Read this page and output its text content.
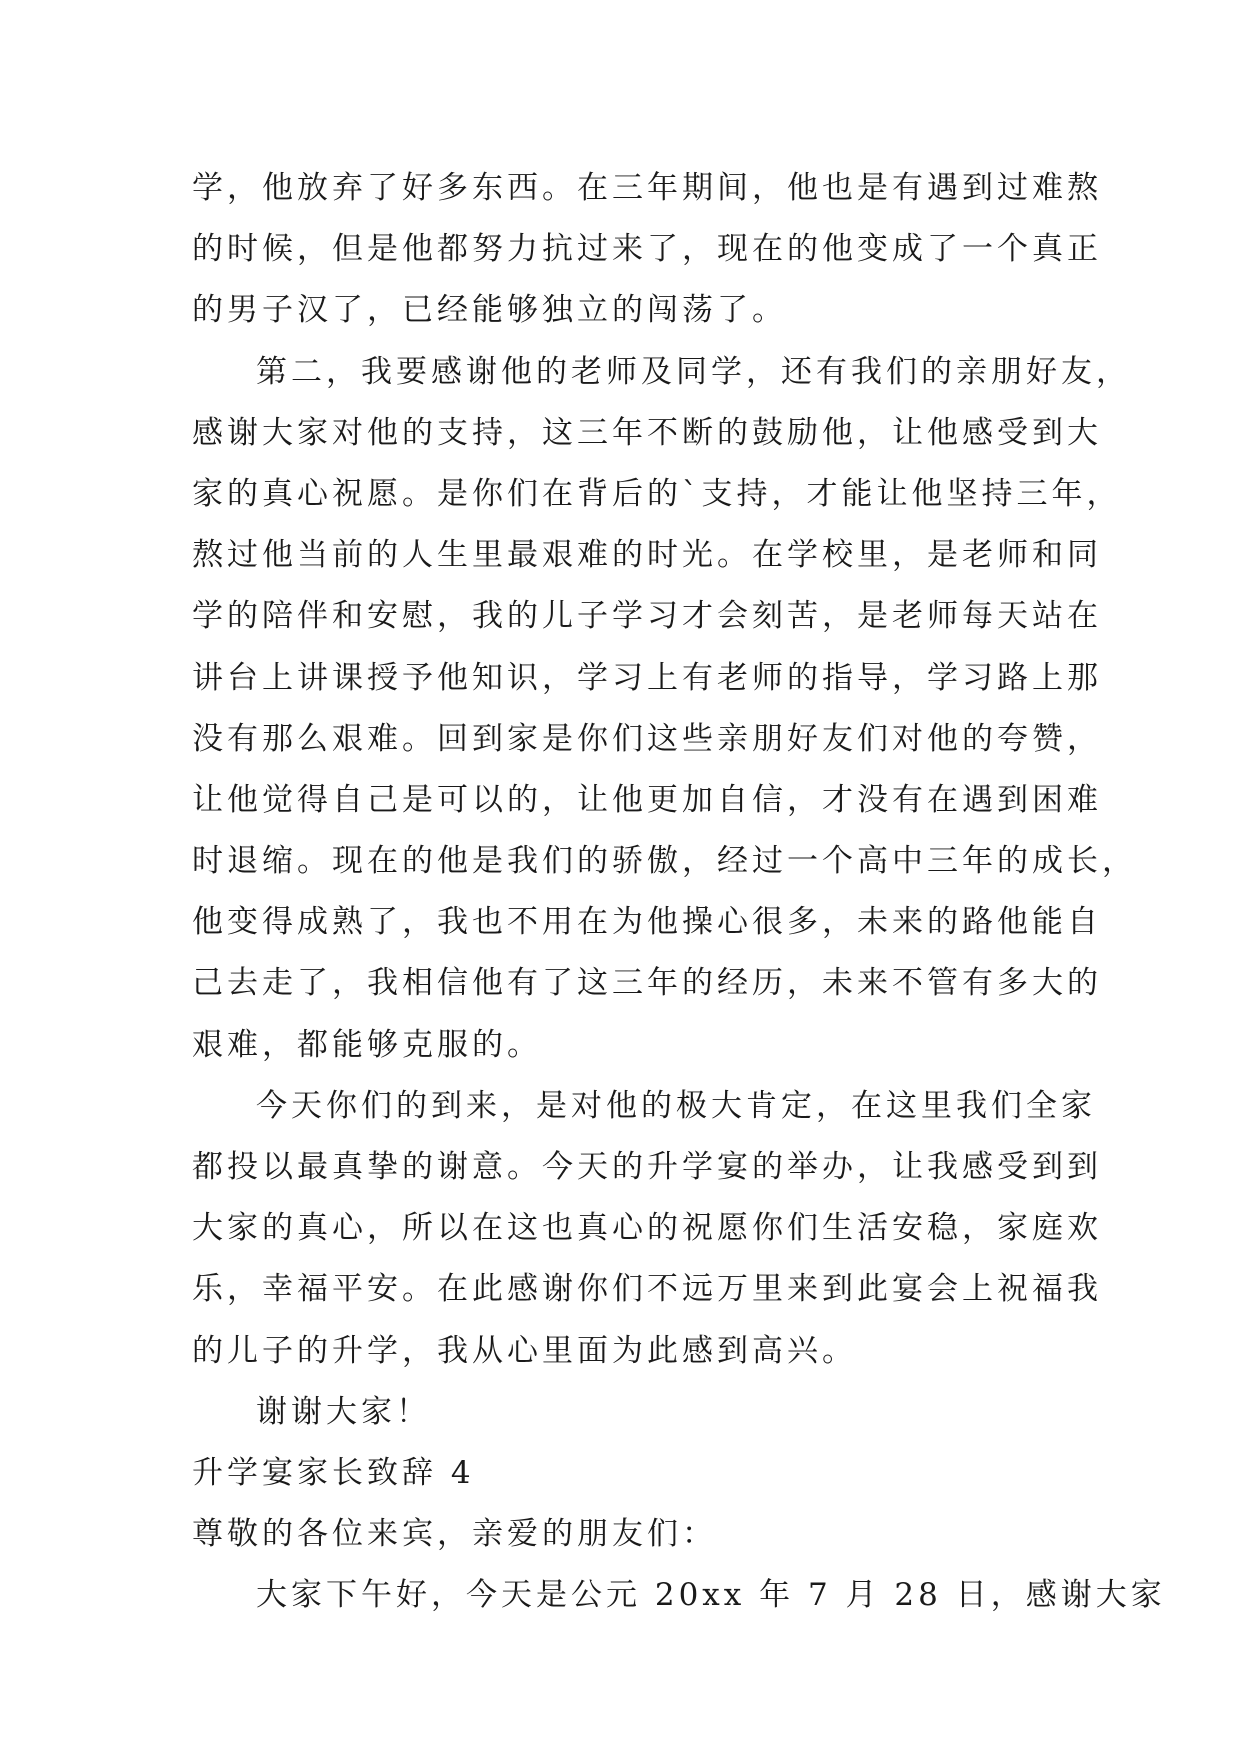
学，他放弃了好多东西。在三年期间，他也是有遇到过难熬
的时候，但是他都努力抗过来了，现在的他变成了一个真正
的男子汉了，已经能够独立的闯荡了。
第二，我要感谢他的老师及同学，还有我们的亲朋好友，
感谢大家对他的支持，这三年不断的鼓励他，让他感受到大
家的真心祝愿。是你们在背后的`支持，才能让他坚持三年，
熬过他当前的人生里最艰难的时光。在学校里，是老师和同
学的陪伴和安慰，我的儿子学习才会刻苦，是老师每天站在
讲台上讲课授予他知识，学习上有老师的指导，学习路上那
没有那么艰难。回到家是你们这些亲朋好友们对他的夸赞，
让他觉得自己是可以的，让他更加自信，才没有在遇到困难
时退缩。现在的他是我们的骄傲，经过一个高中三年的成长，
他变得成熟了，我也不用在为他操心很多，未来的路他能自
己去走了，我相信他有了这三年的经历，未来不管有多大的
艰难，都能够克服的。
今天你们的到来，是对他的极大肯定，在这里我们全家
都投以最真挚的谢意。今天的升学宴的举办，让我感受到到
大家的真心，所以在这也真心的祝愿你们生活安稳，家庭欢
乐，幸福平安。在此感谢你们不远万里来到此宴会上祝福我
的儿子的升学，我从心里面为此感到高兴。
谢谢大家！
升学宴家长致辞 4
尊敬的各位来宾，亲爱的朋友们：
大家下午好，今天是公元 20xx 年 7 月 28 日，感谢大家
